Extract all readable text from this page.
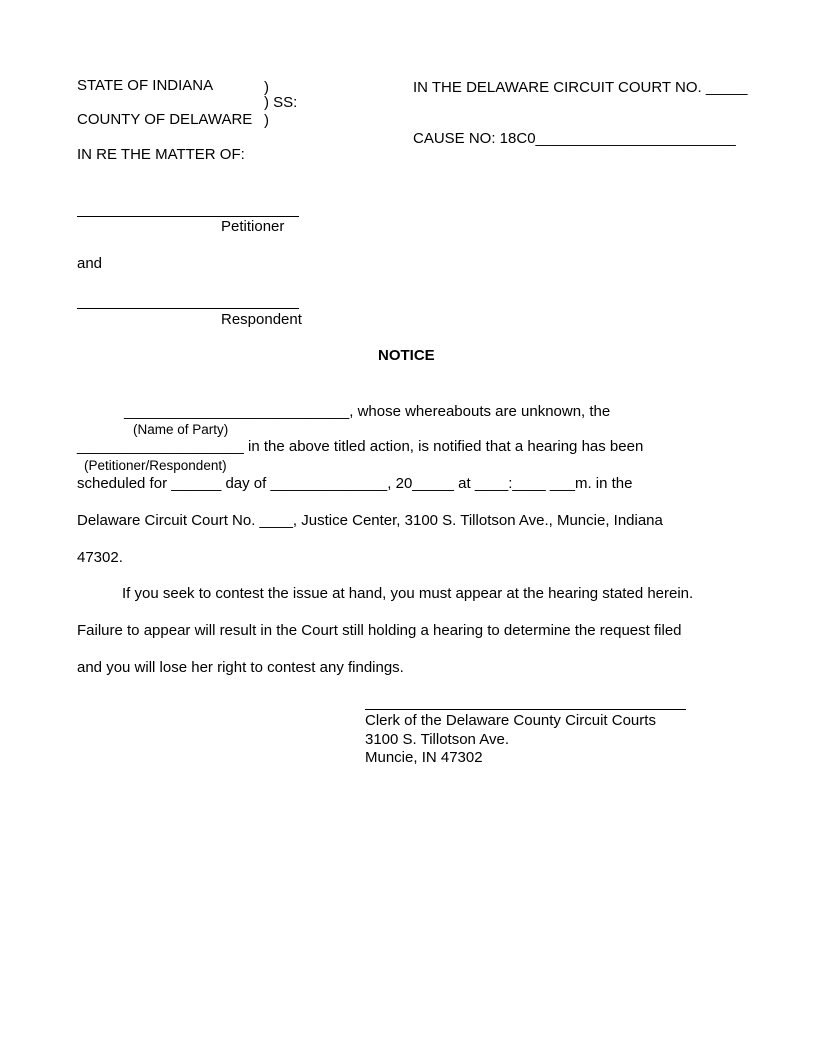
STATE OF INDIANA	)
) SS:
COUNTY OF DELAWARE )
IN RE THE MATTER OF:
IN THE DELAWARE CIRCUIT COURT NO. _____
CAUSE NO: 18C0________________________
Petitioner
and
Respondent
NOTICE
___________________________, whose whereabouts are unknown, the
(Name of Party)
____________________ in the above titled action, is notified that a hearing has been
(Petitioner/Respondent)
scheduled for ______ day of ______________, 20_____ at ____:____ ___m. in the
Delaware Circuit Court No. ____, Justice Center, 3100 S. Tillotson Ave., Muncie, Indiana
47302.
If you seek to contest the issue at hand, you must appear at the hearing stated herein.
Failure to appear will result in the Court still holding a hearing to determine the request filed
and you will lose her right to contest any findings.
Clerk of the Delaware County Circuit Courts
3100 S. Tillotson Ave.
Muncie, IN 47302
